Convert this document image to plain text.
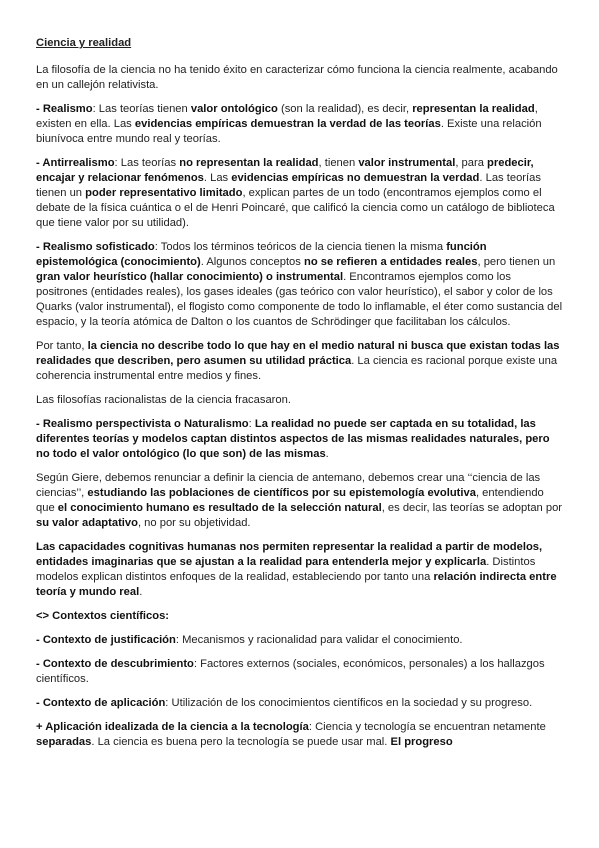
Ciencia y realidad

La filosofía de la ciencia no ha tenido éxito en caracterizar cómo funciona la ciencia realmente, acabando en un callejón relativista.

- Realismo: Las teorías tienen valor ontológico (son la realidad), es decir, representan la realidad, existen en ella. Las evidencias empíricas demuestran la verdad de las teorías. Existe una relación biunívoca entre mundo real y teorías.

- Antirrealismo: Las teorías no representan la realidad, tienen valor instrumental, para predecir, encajar y relacionar fenómenos. Las evidencias empíricas no demuestran la verdad. Las teorías tienen un poder representativo limitado, explican partes de un todo (encontramos ejemplos como el debate de la física cuántica o el de Henri Poincaré, que calificó la ciencia como un catálogo de biblioteca que tiene valor por su utilidad).

- Realismo sofisticado: Todos los términos teóricos de la ciencia tienen la misma función epistemológica (conocimiento). Algunos conceptos no se refieren a entidades reales, pero tienen un gran valor heurístico (hallar conocimiento) o instrumental. Encontramos ejemplos como los positrones (entidades reales), los gases ideales (gas teórico con valor heurístico), el sabor y color de los Quarks (valor instrumental), el flogisto como componente de todo lo inflamable, el éter como sustancia del espacio, y la teoría atómica de Dalton o los cuantos de Schrödinger que facilitaban los cálculos.

Por tanto, la ciencia no describe todo lo que hay en el medio natural ni busca que existan todas las realidades que describen, pero asumen su utilidad práctica. La ciencia es racional porque existe una coherencia instrumental entre medios y fines.

Las filosofías racionalistas de la ciencia fracasaron.

- Realismo perspectivista o Naturalismo: La realidad no puede ser captada en su totalidad, las diferentes teorías y modelos captan distintos aspectos de las mismas realidades naturales, pero no todo el valor ontológico (lo que son) de las mismas.

Según Giere, debemos renunciar a definir la ciencia de antemano, debemos crear una ‘‘ciencia de las ciencias’’, estudiando las poblaciones de científicos por su epistemología evolutiva, entendiendo que el conocimiento humano es resultado de la selección natural, es decir, las teorías se adoptan por su valor adaptativo, no por su objetividad.

Las capacidades cognitivas humanas nos permiten representar la realidad a partir de modelos, entidades imaginarias que se ajustan a la realidad para entenderla mejor y explicarla. Distintos modelos explican distintos enfoques de la realidad, estableciendo por tanto una relación indirecta entre teoría y mundo real.

<> Contextos científicos:

- Contexto de justificación: Mecanismos y racionalidad para validar el conocimiento.

- Contexto de descubrimiento: Factores externos (sociales, económicos, personales) a los hallazgos científicos.

- Contexto de aplicación: Utilización de los conocimientos científicos en la sociedad y su progreso.

+ Aplicación idealizada de la ciencia a la tecnología: Ciencia y tecnología se encuentran netamente separadas. La ciencia es buena pero la tecnología se puede usar mal. El progreso
